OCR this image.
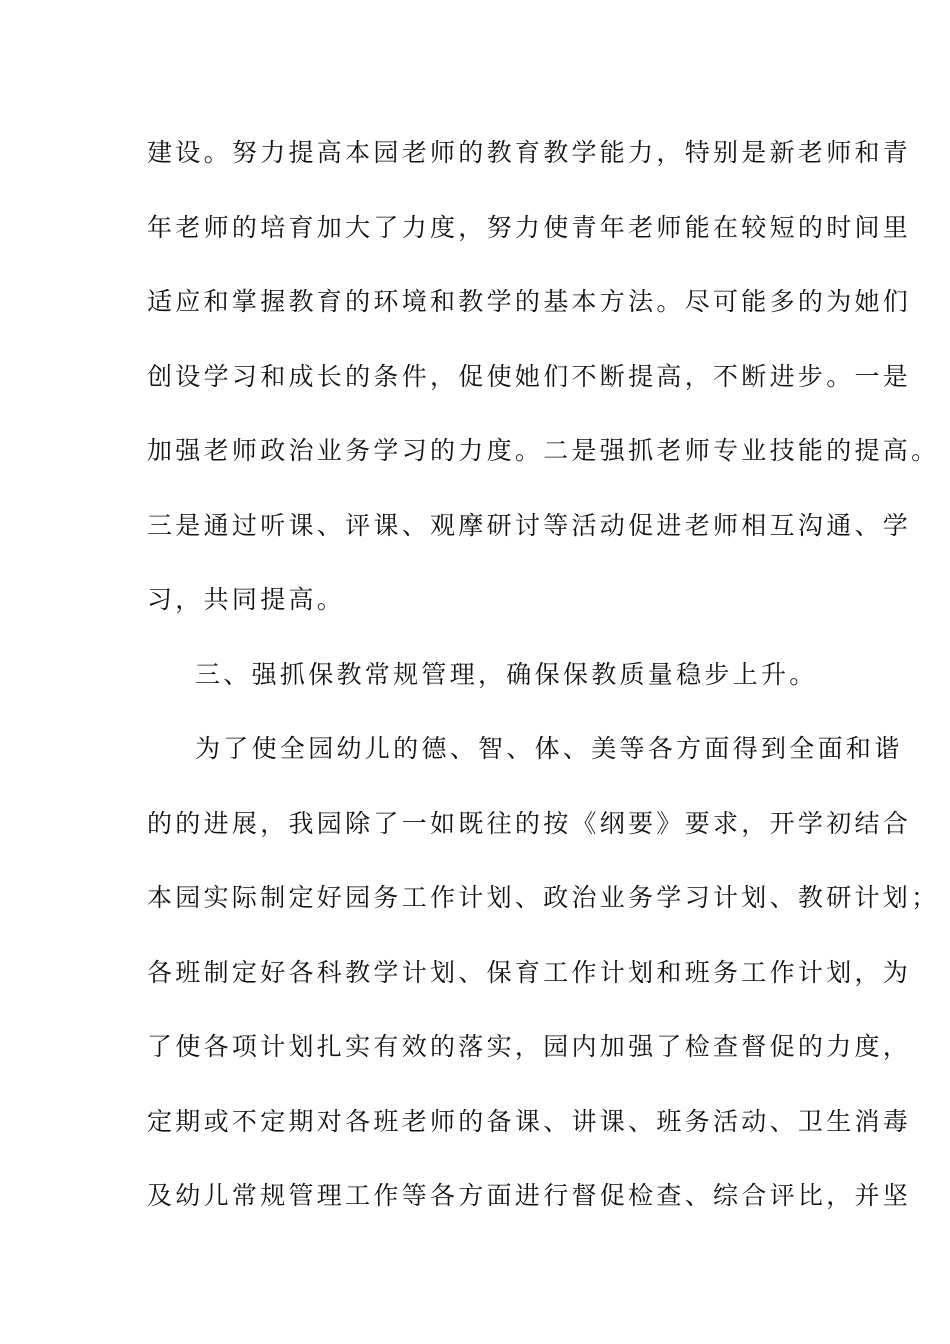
建设。努力提高本园老师的教育教学能力，特别是新老师和青
年老师的培育加大了力度，努力使青年老师能在较短的时间里
适应和掌握教育的环境和教学的基本方法。尽可能多的为她们
创设学习和成长的条件，促使她们不断提高，不断进步。一是
加强老师政治业务学习的力度。二是强抓老师专业技能的提高。
三是通过听课、评课、观摩研讨等活动促进老师相互沟通、学
习，共同提高。
三、强抓保教常规管理，确保保教质量稳步上升。
为了使全园幼儿的德、智、体、美等各方面得到全面和谐
的的进展，我园除了一如既往的按《纲要》要求，开学初结合
本园实际制定好园务工作计划、政治业务学习计划、教研计划；
各班制定好各科教学计划、保育工作计划和班务工作计划，为
了使各项计划扎实有效的落实，园内加强了检查督促的力度，
定期或不定期对各班老师的备课、讲课、班务活动、卫生消毒
及幼儿常规管理工作等各方面进行督促检查、综合评比，并坚
